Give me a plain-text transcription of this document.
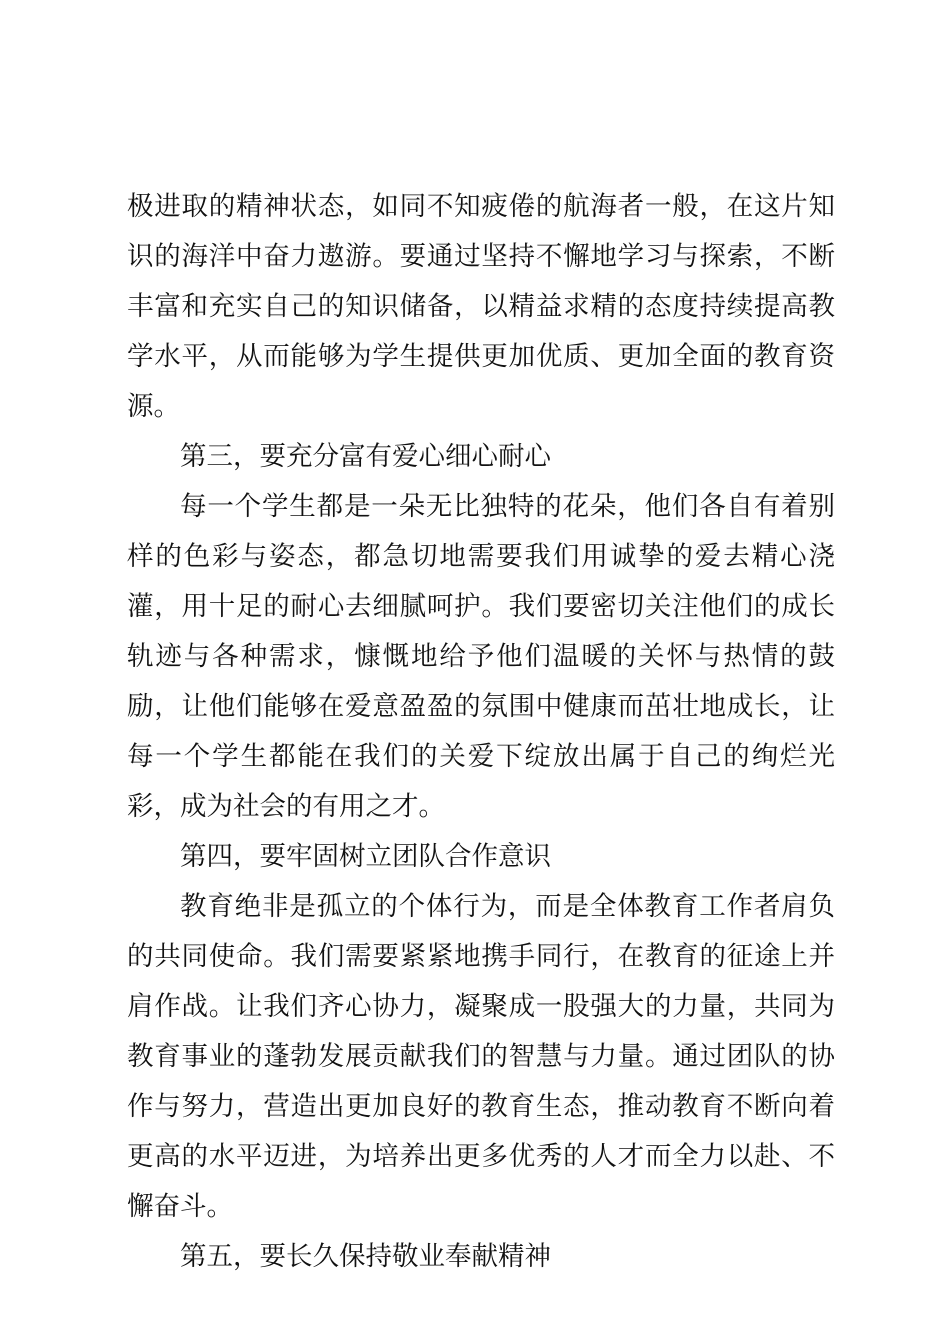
极进取的精神状态，如同不知疲倦的航海者一般，在这片知识的海洋中奋力遨游。要通过坚持不懈地学习与探索，不断丰富和充实自己的知识储备，以精益求精的态度持续提高教学水平，从而能够为学生提供更加优质、更加全面的教育资源。

第三，要充分富有爱心细心耐心

每一个学生都是一朵无比独特的花朵，他们各自有着别样的色彩与姿态，都急切地需要我们用诚挚的爱去精心浇灌，用十足的耐心去细腻呵护。我们要密切关注他们的成长轨迹与各种需求，慷慨地给予他们温暖的关怀与热情的鼓励，让他们能够在爱意盈盈的氛围中健康而茁壮地成长，让每一个学生都能在我们的关爱下绽放出属于自己的绚烂光彩，成为社会的有用之才。

第四，要牢固树立团队合作意识

教育绝非是孤立的个体行为，而是全体教育工作者肩负的共同使命。我们需要紧紧地携手同行，在教育的征途上并肩作战。让我们齐心协力，凝聚成一股强大的力量，共同为教育事业的蓬勃发展贡献我们的智慧与力量。通过团队的协作与努力，营造出更加良好的教育生态，推动教育不断向着更高的水平迈进，为培养出更多优秀的人才而全力以赴、不懈奋斗。

第五，要长久保持敬业奉献精神
